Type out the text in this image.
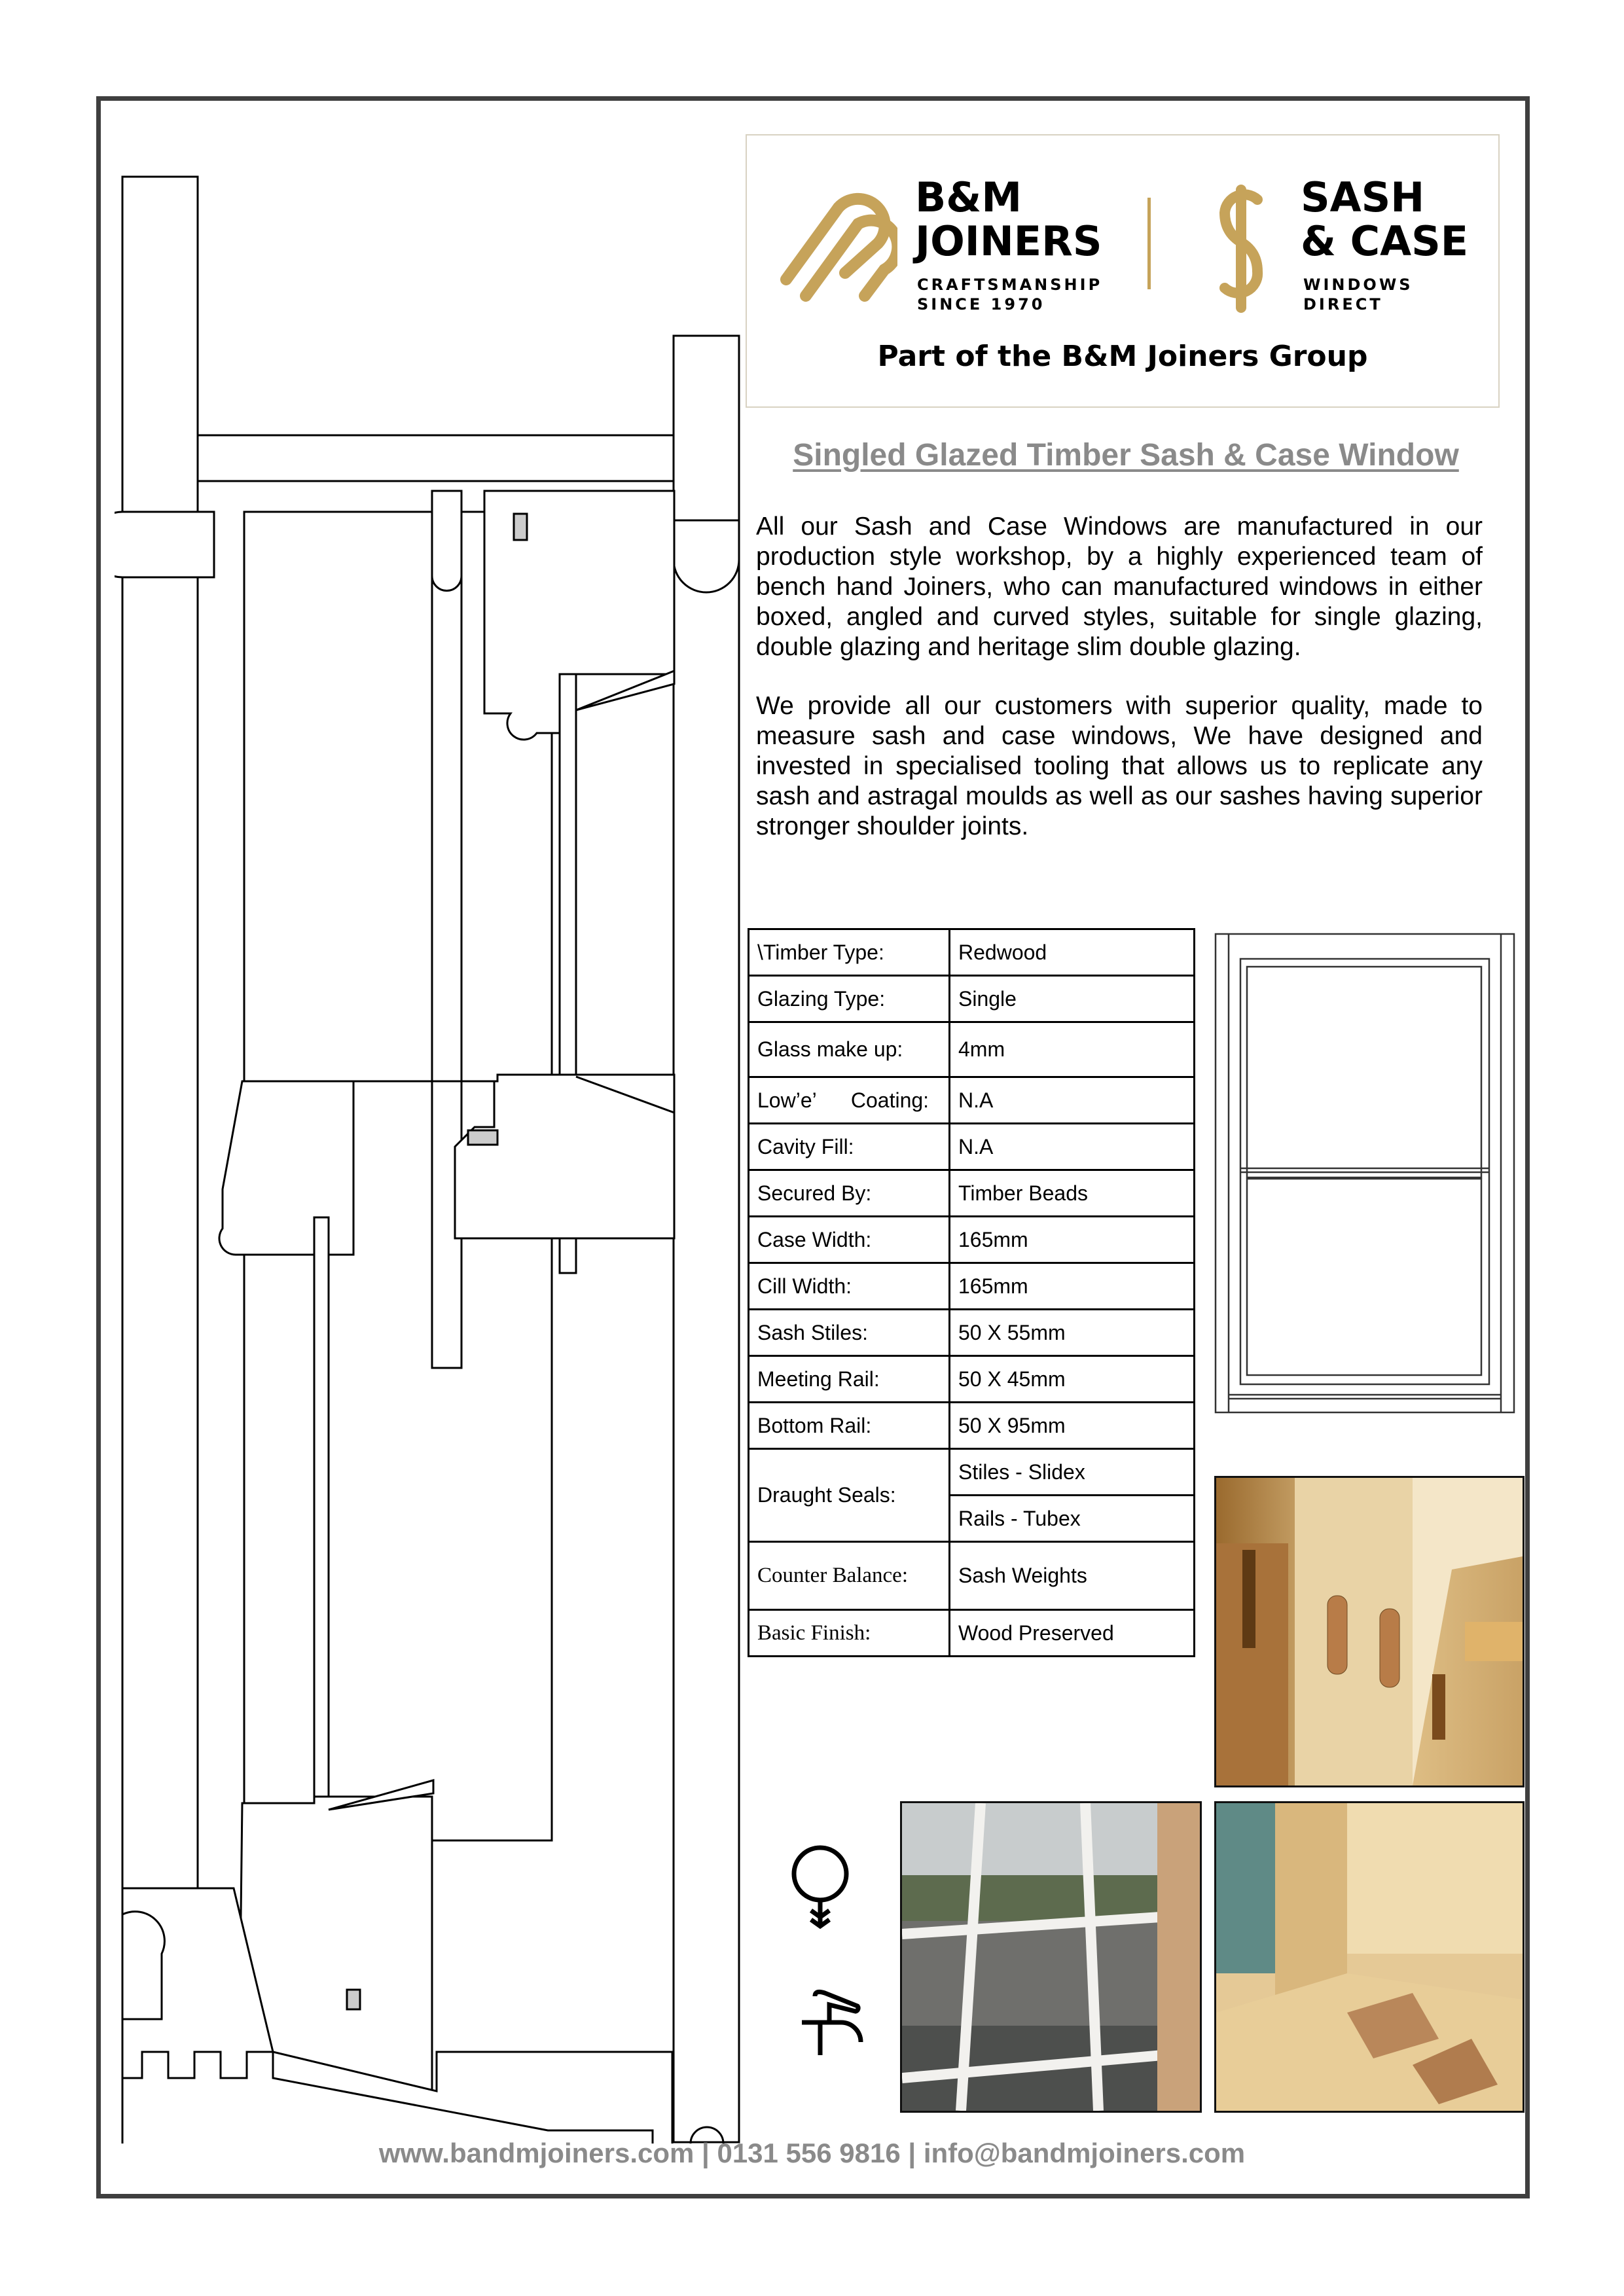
B&M
JOINERS
CRAFTSMANSHIP
SINCE 1970
SASH
& CASE
WINDOWS
DIRECT
Part of the B&M Joiners Group
Singled Glazed Timber Sash & Case Window
All our Sash and Case Windows are manufactured in our production style workshop, by a highly experienced team of bench hand Joiners, who can manufactured windows in either boxed, angled and curved styles, suitable for single glazing, double glazing and heritage slim double glazing.
We provide all our customers with superior quality, made to measure sash and case windows, We have designed and invested in specialised tooling that allows us to replicate any sash and astragal moulds as well as our sashes having superior stronger shoulder joints.
\Timber Type:	Redwood
Glazing Type:	Single
Glass make up:	4mm
Low’e’      Coating:	N.A
Cavity Fill:	N.A
Secured By:	Timber Beads
Case Width:	165mm
Cill Width:	165mm
Sash Stiles:	50 X 55mm
Meeting Rail:	50 X 45mm
Bottom Rail:	50 X 95mm
Draught Seals:	Stiles - Slidex
	Rails - Tubex
Counter Balance:	Sash Weights
Basic Finish:	Wood Preserved
www.bandmjoiners.com | 0131 556 9816 | info@bandmjoiners.com
